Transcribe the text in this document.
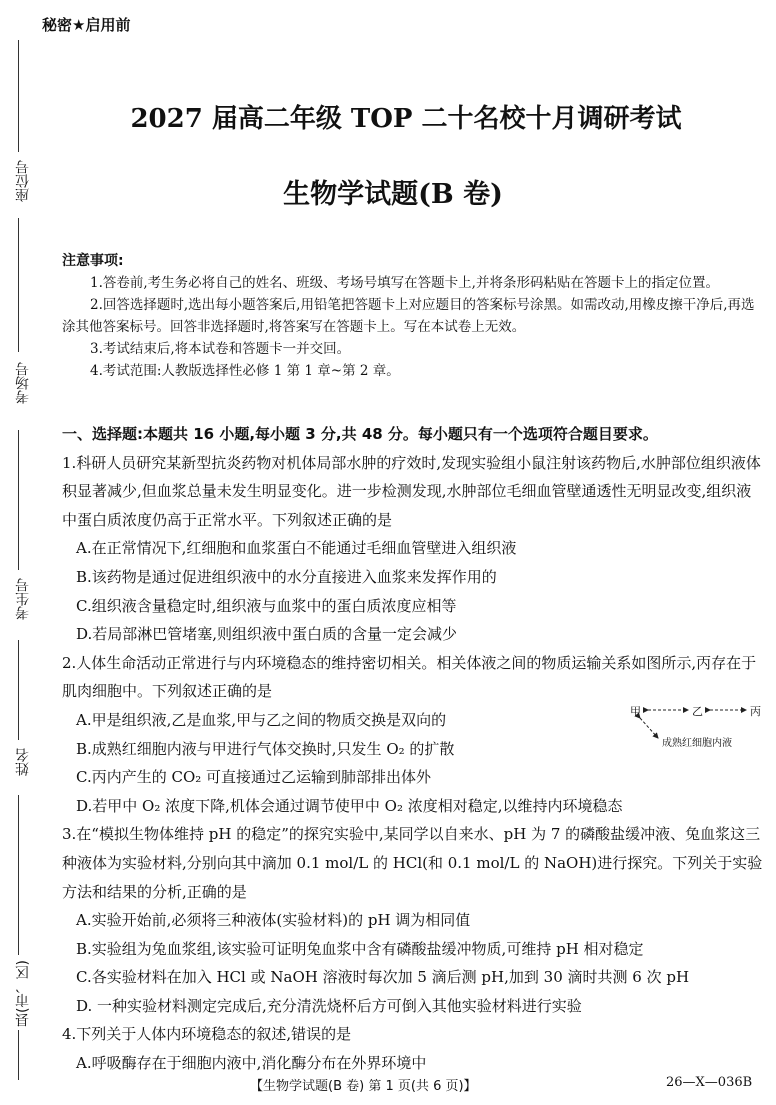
秘密★启用前
座位号
考场号
考生号
姓名
县(市、区)
2027 届高二年级 TOP 二十名校十月调研考试
生物学试题(B 卷)
注意事项:

1.答卷前,考生务必将自己的姓名、班级、考场号填写在答题卡上,并将条形码粘贴在答题卡上的指定位置。

2.回答选择题时,选出每小题答案后,用铅笔把答题卡上对应题目的答案标号涂黑。如需改动,用橡皮擦干净后,再选涂其他答案标号。回答非选择题时,将答案写在答题卡上。写在本试卷上无效。

3.考试结束后,将本试卷和答题卡一并交回。

4.考试范围:人教版选择性必修 1 第 1 章~第 2 章。

一、选择题:本题共 16 小题,每小题 3 分,共 48 分。每小题只有一个选项符合题目要求。

1.科研人员研究某新型抗炎药物对机体局部水肿的疗效时,发现实验组小鼠注射该药物后,水肿部位组织液体积显著减少,但血浆总量未发生明显变化。进一步检测发现,水肿部位毛细血管壁通透性无明显改变,组织液中蛋白质浓度仍高于正常水平。下列叙述正确的是

A.在正常情况下,红细胞和血浆蛋白不能通过毛细血管壁进入组织液

B.该药物是通过促进组织液中的水分直接进入血浆来发挥作用的

C.组织液含量稳定时,组织液与血浆中的蛋白质浓度应相等

D.若局部淋巴管堵塞,则组织液中蛋白质的含量一定会减少

2.人体生命活动正常进行与内环境稳态的维持密切相关。相关体液之间的物质运输关系如图所示,丙存在于肌肉细胞中。下列叙述正确的是

A.甲是组织液,乙是血浆,甲与乙之间的物质交换是双向的

B.成熟红细胞内液与甲进行气体交换时,只发生 O₂ 的扩散

C.丙内产生的 CO₂ 可直接通过乙运输到肺部排出体外

D.若甲中 O₂ 浓度下降,机体会通过调节使甲中 O₂ 浓度相对稳定,以维持内环境稳态

3.在“模拟生物体维持 pH 的稳定”的探究实验中,某同学以自来水、pH 为 7 的磷酸盐缓冲液、兔血浆这三种液体为实验材料,分别向其中滴加 0.1 mol/L 的 HCl(和 0.1 mol/L 的 NaOH)进行探究。下列关于实验方法和结果的分析,正确的是

A.实验开始前,必须将三种液体(实验材料)的 pH 调为相同值

B.实验组为兔血浆组,该实验可证明兔血浆中含有磷酸盐缓冲物质,可维持 pH 相对稳定

C.各实验材料在加入 HCl 或 NaOH 溶液时每次加 5 滴后测 pH,加到 30 滴时共测 6 次 pH

D. 一种实验材料测定完成后,充分清洗烧杯后方可倒入其他实验材料进行实验

4.下列关于人体内环境稳态的叙述,错误的是

A.呼吸酶存在于细胞内液中,消化酶分布在外界环境中

甲	乙	丙
成熟红细胞内液
【生物学试题(B 卷) 第 1 页(共 6 页)】	26—X—036B
